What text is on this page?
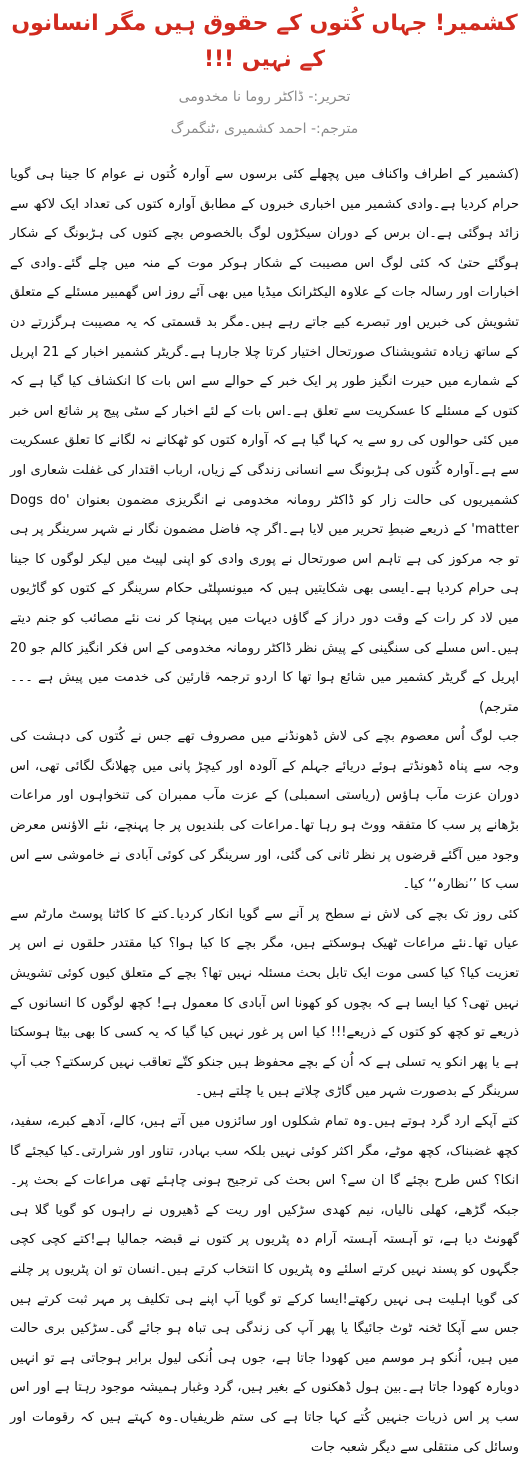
کشمیر! جہاں کُتوں کے حقوق ہیں مگر انسانوں کے نہیں !!!
تحریر:- ڈاکٹر روما نا مخدومی
مترجم:- احمد کشمیری ،ٹنگمرگ

(کشمیر کے اطراف واکناف میں پچھلے کئی برسوں سے آوارہ کُتوں نے عوام کا جینا ہی گویا حرام کردیا ہے۔وادی کشمیر میں اخباری خبروں کے مطابق آوارہ کتوں کی تعداد ایک لاکھ سے زائد ہوگئی ہے۔ان برس کے دوران سیکڑوں لوگ بالخصوص بچے کتوں کی ہڑبونگ کے شکار ہوگئے حتیٰ کہ کئی لوگ اس مصیبت کے شکار ہوکر موت کے منہ میں چلے گئے۔وادی کے اخبارات اور رسالہ جات کے علاوہ الیکٹرانک میڈیا میں بھی آئے روز اس گھمبیر مسئلے کے متعلق تشویش کی خبریں اور تبصرے کیے جاتے رہے ہیں۔مگر بد قسمتی کہ یہ مصیبت ہرگزرتے دن کے ساتھ زیادہ تشویشناک صورتحال اختیار کرتا چلا جارہا ہے۔گریٹر کشمیر اخبار کے 21 اپریل کے شمارے میں حیرت انگیز طور پر ایک خبر کے حوالے سے اس بات کا انکشاف کیا گیا ہے کہ کتوں کے مسئلے کا عسکریت سے تعلق ہے۔اس بات کے لئے اخبار کے سٹی پیج پر شائع اس خبر میں کئی حوالوں کی رو سے یہ کہا گیا ہے کہ آوارہ کتوں کو ٹھکانے نہ لگانے کا تعلق عسکریت سے ہے۔آوارہ کُتوں کی ہڑبونگ سے انسانی زندگی کے زیاں، ارباب اقتدار کی غفلت شعاری اور کشمیریوں کی حالت زار کو ڈاکٹر رومانہ مخدومی نے انگریزی مضمون بعنوان 'Dogs do matter' کے ذریعے ضبطِ تحریر میں لایا ہے۔اگر چہ فاضل مضمون نگار نے شہر سرینگر پر ہی تو جہ مرکوز کی ہے تاہم اس صورتحال نے پوری وادی کو اپنی لپیٹ میں لیکر لوگوں کا جینا ہی حرام کردیا ہے۔ایسی بھی شکایتیں ہیں کہ میونسپلٹی حکام سرینگر کے کتوں کو گاڑیوں میں لاد کر رات کے وقت دور دراز کے گاؤں دیہات میں پہنچا کر نت نئے مصائب کو جنم دیتے ہیں۔اس مسلے کی سنگینی کے پیش نظر ڈاکٹر رومانہ مخدومی کے اس فکر انگیز کالم جو 20 اپریل کے گریٹر کشمیر میں شائع ہوا تھا کا اردو ترجمہ قارئین کی خدمت میں پیش ہے ۔۔۔مترجم)

جب لوگ اُس معصوم بچے کی لاش ڈھونڈنے میں مصروف تھے جس نے کُتوں کی دہشت کی وجہ سے پناہ ڈھونڈتے ہوئے دریائے جہلم کے آلودہ اور کیچڑ پانی میں چھلانگ لگائی تھی، اس دوران عزت مآب ہاؤس (ریاستی اسمبلی) کے عزت مآب ممبران کی تنخواہوں اور مراعات بڑھانے پر سب کا متفقہ ووٹ ہو رہا تھا۔مراعات کی بلندیوں پر جا پہنچے، نئے الاؤنس معرض وجود میں آگئے قرضوں پر نظر ثانی کی گئی، اور سرینگر کی کوئی آبادی نے خاموشی سے اس سب کا ’’نظارہ‘‘ کیا۔

کئی روز تک بچے کی لاش نے سطح پر آنے سے گویا انکار کردیا۔کتے کا کاٹنا پوسٹ مارٹم سے عیاں تھا۔نئے مراعات ٹھیک ہوسکتے ہیں، مگر بچے کا کیا ہوا؟ کیا مقتدر حلقوں نے اس پر تعزیت کیا؟ کیا کسی موت ایک تابل بحث مسئلہ نہیں تھا؟ بچے کے متعلق کیوں کوئی تشویش نہیں تھی؟ کیا ایسا ہے کہ بچوں کو کھونا اس آبادی کا معمول ہے! کچھ لوگوں کا انسانوں کے ذریعے تو کچھ کو کتوں کے ذریعے!!! کیا اس پر غور نہیں کیا گیا کہ یہ کسی کا بھی بیٹا ہوسکتا ہے یا پھر انکو یہ تسلی ہے کہ اُن کے بچے محفوظ ہیں جنکو کتّے تعاقب نہیں کرسکتے؟ جب آپ سرینگر کے بدصورت شہر میں گاڑی چلاتے ہیں یا چلتے ہیں۔

کتے آپکے ارد گرد ہوتے ہیں۔وہ تمام شکلوں اور سائزوں میں آتے ہیں، کالے، آدھے کبرے، سفید، کچھ غضبناک، کچھ موٹے، مگر اکثر کوئی نہیں بلکہ سب بہادر، تناور اور شرارتی۔کیا کیجئے گا انکا؟ کس طرح بچئے گا ان سے؟ اس بحث کی ترجیح ہونی چاہئے تھی مراعات کے بحث پر۔جبکہ گڑھے، کھلی نالیاں، نیم کھدی سڑکیں اور ریت کے ڈھیروں نے راہوں کو گویا گلا ہی گھونٹ دیا ہے، تو آہستہ آہستہ آرام دہ پٹریوں پر کتوں نے قبضہ جمالیا ہے!کتے کچی کچی جگہوں کو پسند نہیں کرتے اسلئے وہ پٹریوں کا انتخاب کرتے ہیں۔انسان تو ان پٹریوں پر چلنے کی گویا اہلیت ہی نہیں رکھتے!ایسا کرکے تو گویا آپ اپنے ہی تکلیف پر مہر ثبت کرتے ہیں جس سے آپکا ٹخنہ ٹوٹ جائیگا یا پھر آپ کی زندگی ہی تباہ ہو جائے گی۔سڑکیں بری حالت میں ہیں، اُنکو ہر موسم میں کھودا جاتا ہے، جوں ہی اُنکی لیول برابر ہوجاتی ہے تو انہیں دوبارہ کھودا جاتا ہے۔بین ہول ڈھکنوں کے بغیر ہیں، گرد وغبار ہمیشہ موجود رہتا ہے اور اس سب پر اس ذریات جنہیں کُتے کہا جاتا ہے کی ستم ظریفیاں۔وہ کہتے ہیں کہ رقومات اور وسائل کی منتقلی سے دیگر شعبہ جات
